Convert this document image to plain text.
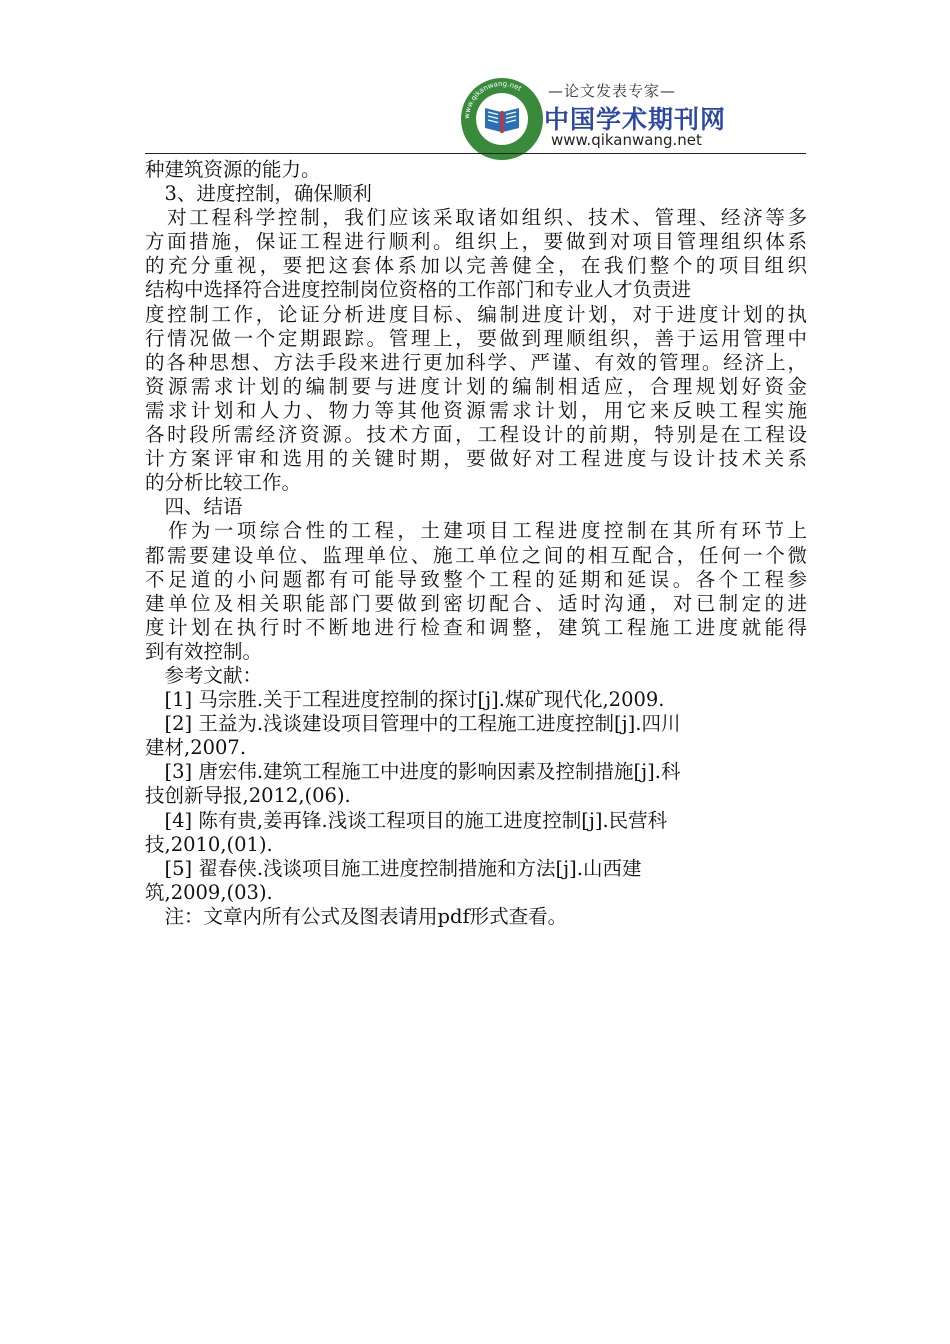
www.qikanwang.net —论文发表专家—
中国学术期刊网
www.qikanwang.net
种建筑资源的能力。
　3、进度控制，确保顺利
　对工程科学控制，我们应该采取诸如组织、技术、管理、经济等多
方面措施，保证工程进行顺利。组织上，要做到对项目管理组织体系
的充分重视，要把这套体系加以完善健全，在我们整个的项目组织
结构中选择符合进度控制岗位资格的工作部门和专业人才负责进
度控制工作，论证分析进度目标、编制进度计划，对于进度计划的执
行情况做一个定期跟踪。管理上，要做到理顺组织，善于运用管理中
的各种思想、方法手段来进行更加科学、严谨、有效的管理。经济上，
资源需求计划的编制要与进度计划的编制相适应，合理规划好资金
需求计划和人力、物力等其他资源需求计划，用它来反映工程实施
各时段所需经济资源。技术方面，工程设计的前期，特别是在工程设
计方案评审和选用的关键时期，要做好对工程进度与设计技术关系
的分析比较工作。
　四、结语
　作为一项综合性的工程，土建项目工程进度控制在其所有环节上
都需要建设单位、监理单位、施工单位之间的相互配合，任何一个微
不足道的小问题都有可能导致整个工程的延期和延误。各个工程参
建单位及相关职能部门要做到密切配合、适时沟通，对已制定的进
度计划在执行时不断地进行检查和调整，建筑工程施工进度就能得
到有效控制。
　参考文献：
　[1] 马宗胜.关于工程进度控制的探讨[j].煤矿现代化,2009.
　[2] 王益为.浅谈建设项目管理中的工程施工进度控制[j].四川
建材,2007.
　[3] 唐宏伟.建筑工程施工中进度的影响因素及控制措施[j].科
技创新导报,2012,(06).
　[4] 陈有贵,姜再锋.浅谈工程项目的施工进度控制[j].民营科
技,2010,(01).
　[5] 翟春侠.浅谈项目施工进度控制措施和方法[j].山西建
筑,2009,(03).
　注：文章内所有公式及图表请用pdf形式查看。
